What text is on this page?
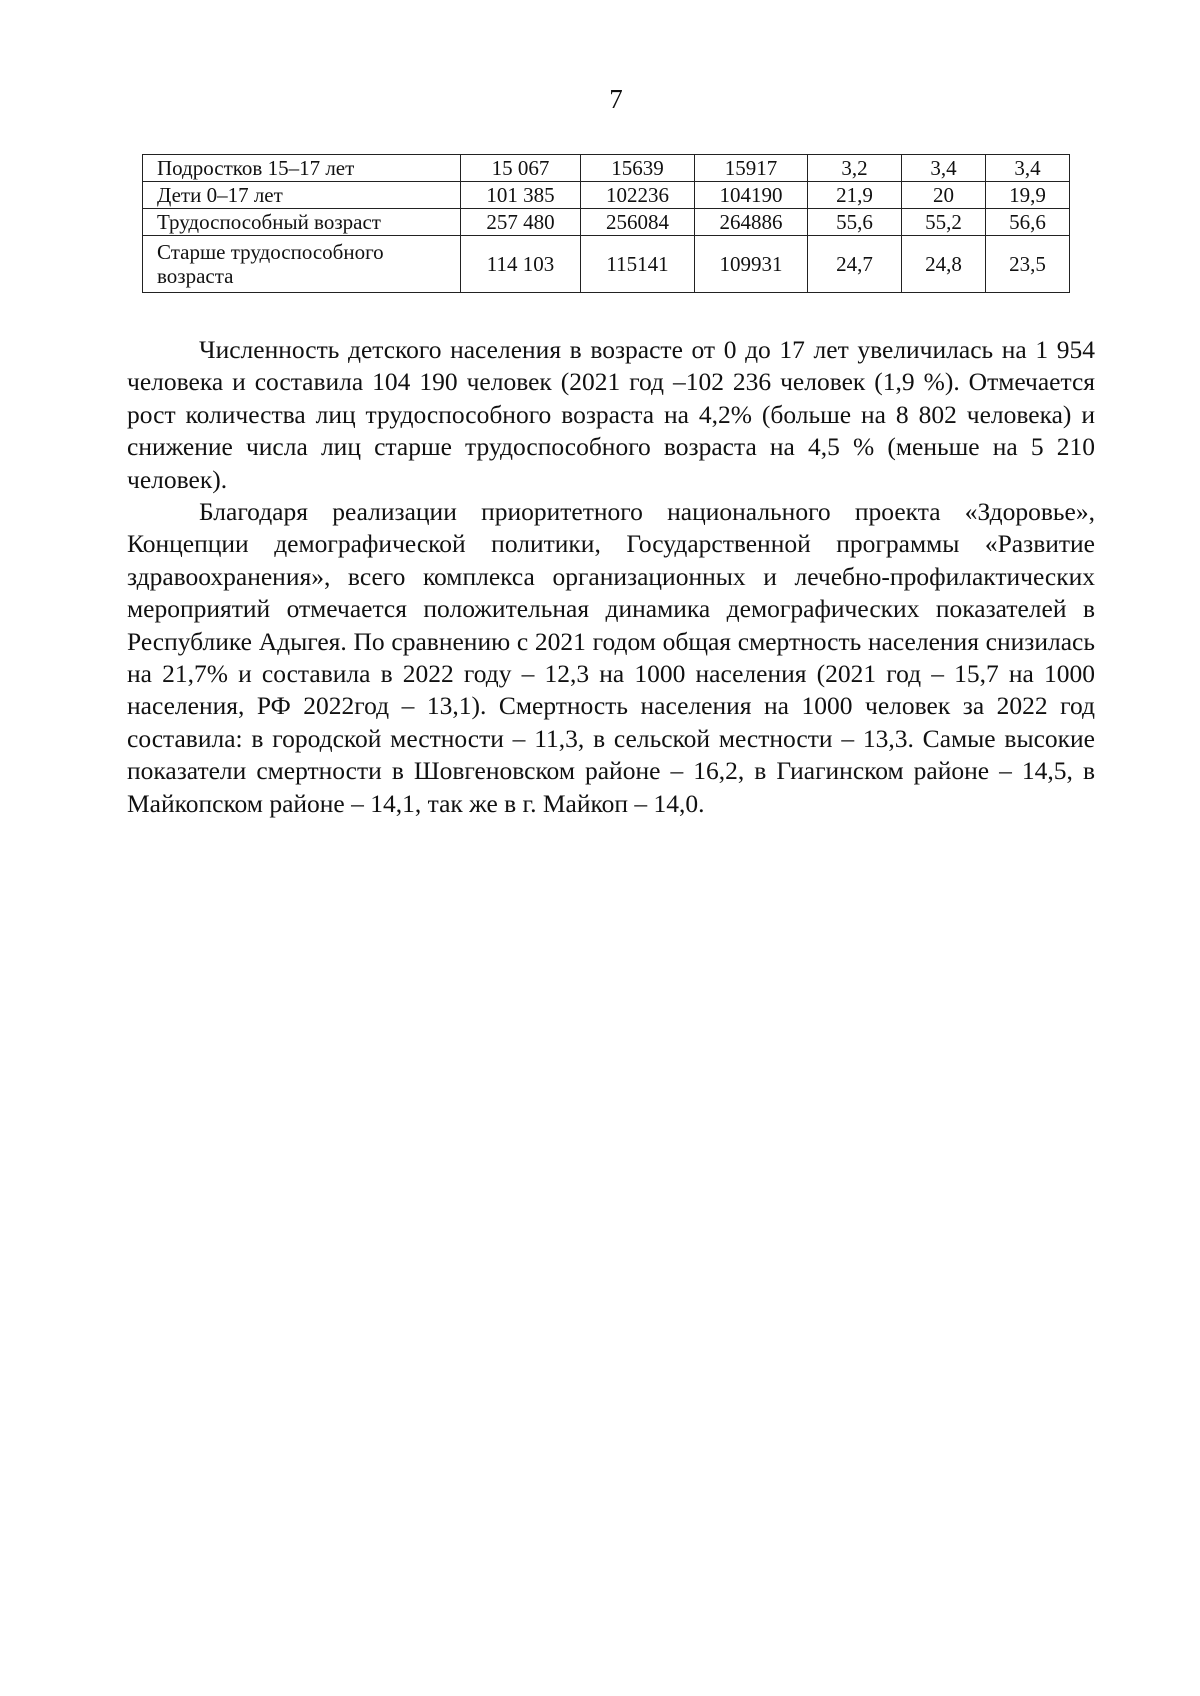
7
Подростков 15–17 лет	15 067	15639	15917	3,2	3,4	3,4
Дети 0–17 лет	101 385	102236	104190	21,9	20	19,9
Трудоспособный возраст	257 480	256084	264886	55,6	55,2	56,6
Старше трудоспособного возраста	114 103	115141	109931	24,7	24,8	23,5

Численность детского населения в возрасте от 0 до 17 лет увеличилась на 1 954 человека и составила 104 190 человек (2021 год –102 236 человек (1,9 %). Отмечается рост количества лиц трудоспособного возраста на 4,2% (больше на 8 802 человека) и снижение числа лиц старше трудоспособного возраста на 4,5 % (меньше на 5 210 человек).

Благодаря реализации приоритетного национального проекта «Здоровье», Концепции демографической политики, Государственной программы «Развитие здравоохранения», всего комплекса организационных и лечебно-профилактических мероприятий отмечается положительная динамика демографических показателей в Республике Адыгея. По сравнению с 2021 годом общая смертность населения снизилась на 21,7% и составила в 2022 году – 12,3 на 1000 населения (2021 год – 15,7 на 1000 населения, РФ 2022год – 13,1). Смертность населения на 1000 человек за 2022 год составила: в городской местности – 11,3, в сельской местности – 13,3. Самые высокие показатели смертности в Шовгеновском районе – 16,2, в Гиагинском районе – 14,5, в Майкопском районе – 14,1, так же в г. Майкоп – 14,0.
